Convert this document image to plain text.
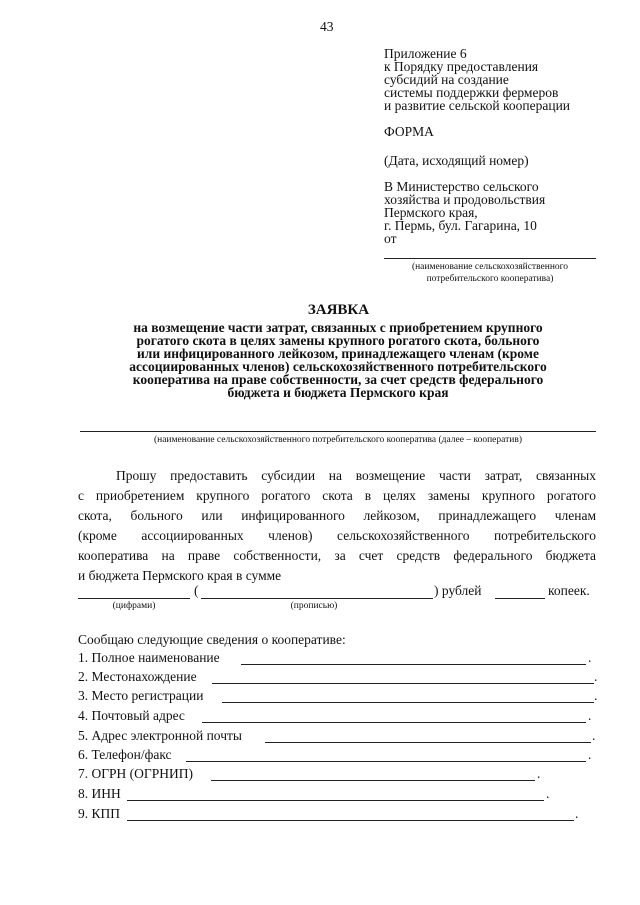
43
Приложение 6
к Порядку предоставления
субсидий на создание
системы поддержки фермеров
и развитие сельской кооперации
ФОРМА
(Дата, исходящий номер)
В Министерство сельского
хозяйства и продовольствия
Пермского края,
г. Пермь, бул. Гагарина, 10
от
(наименование сельскохозяйственного
потребительского кооператива)
ЗАЯВКА
на возмещение части затрат, связанных с приобретением крупного
рогатого скота в целях замены крупного рогатого скота, больного
или инфицированного лейкозом, принадлежащего членам (кроме
ассоциированных членов) сельскохозяйственного потребительского
кооператива на праве собственности, за счет средств федерального
бюджета и бюджета Пермского края
(наименование сельскохозяйственного потребительского кооператива (далее – кооператив)
Прошу предоставить субсидии на возмещение части затрат, связанных
с приобретением крупного рогатого скота в целях замены крупного рогатого
скота, больного или инфицированного лейкозом, принадлежащего членам
(кроме ассоциированных членов) сельскохозяйственного потребительского
кооператива на праве собственности, за счет средств федерального бюджета
и бюджета Пермского края в сумме
(	) рублей	копеек.
(цифрами)	(прописью)
Сообщаю следующие сведения о кооперативе:
1. Полное наименование	.
2. Местонахождение	.
3. Место регистрации	.
4. Почтовый адрес	.
5. Адрес электронной почты	.
6. Телефон/факс	.
7. ОГРН (ОГРНИП)	.
8. ИНН	.
9. КПП	.
